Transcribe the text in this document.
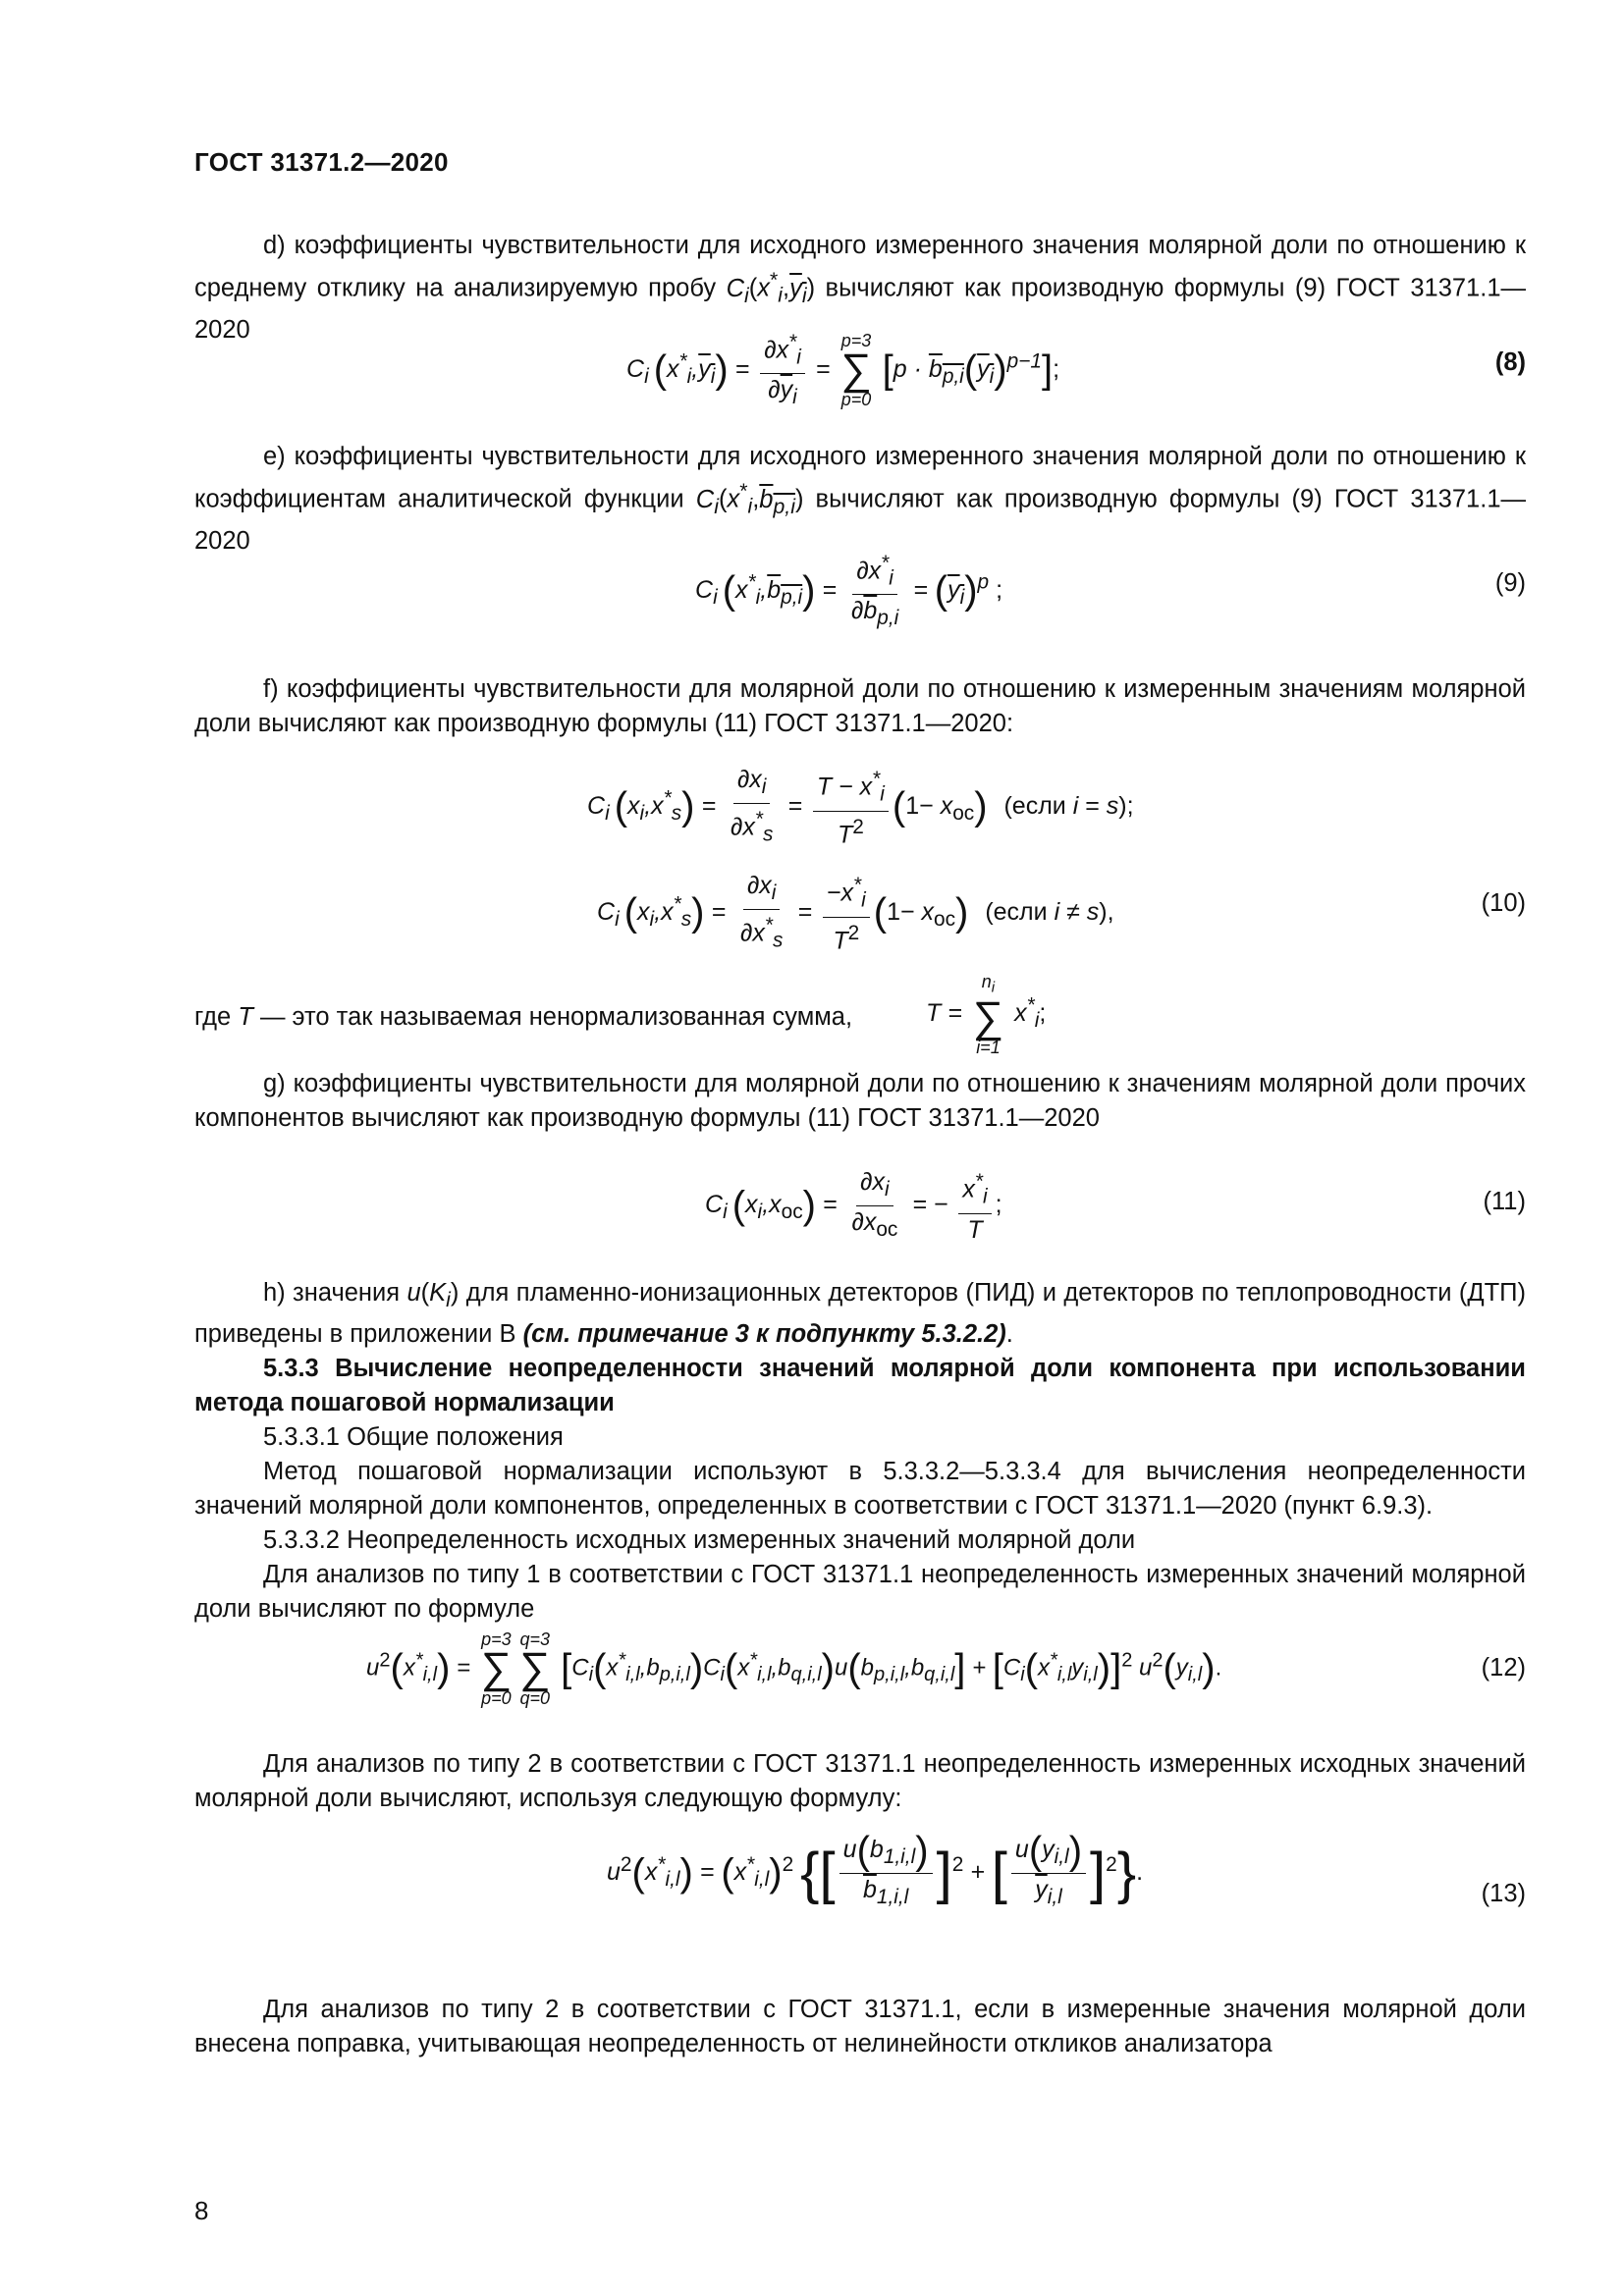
ГОСТ 31371.2—2020

d) коэффициенты чувствительности для исходного измеренного значения молярной доли по отношению к среднему отклику на анализируемую пробу $C_i(x^*_i,y_i)$ вычисляют как производную формулы (9) ГОСТ 31371.1—2020

$C_i$  $(x^*_i,y_i) = \frac{\partial x^*_i}{\partial\overline{y}_i}$ =
p=3
∑
p=0
$[p \cdot b_{p,i}(y_i)^{p-1}]$;	(8)

е) коэффициенты чувствительности для исходного измеренного значения молярной доли по отношению к коэффициентам аналитической функции $C_i(x^*_i,b_{p,i})$ вычисляют как производную формулы (9) ГОСТ 31371.1—2020

$C_i$  $(x^*_i,b_{p,i}) = \frac{\partial x^*_i}{\partial\overline{b}_{p,i}} = (y_i)^p$ ;	(9)

f) коэффициенты чувствительности для молярной доли по отношению к измеренным значениям молярной доли вычисляют как производную формулы (11) ГОСТ 31371.1—2020:

$C_i$  $(x_i,x^*_s) = \frac{\partial x_i}{\partial x^*_s} = \frac{T - x^*_i}{T^2} (1- x_{ос})$ (если i = s);
$C_i$  $(x_i,x^*_s) = \frac{\partial x_i}{\partial x^*_s} = \frac{-x^*_i}{T^2} (1- x_{ос})$ (если i ≠ s),	(10)
где T — это так называемая ненормализованная сумма,	T =
$n_i$
∑
i=1
$x^*_i$;

g) коэффициенты чувствительности для молярной доли по отношению к значениям молярной доли прочих компонентов вычисляют как производную формулы (11) ГОСТ 31371.1—2020

$C_i$  $(x_i,x_{ос}) = \frac{\partial x_i}{\partial x_{ос}}$ = − $\frac{x^*_i}{T}$ ;	(11)

h) значения $u(K_i)$ для пламенно-ионизационных детекторов (ПИД) и детекторов по теплопроводности (ДТП) приведены в приложении В (см. примечание 3 к подпункту 5.3.2.2).

5.3.3 Вычисление неопределенности значений молярной доли компонента при использовании метода пошаговой нормализации

5.3.3.1 Общие положения

Метод пошаговой нормализации используют в 5.3.3.2—5.3.3.4 для вычисления неопределенности значений молярной доли компонентов, определенных в соответствии с ГОСТ 31371.1—2020 (пункт 6.9.3).

5.3.3.2 Неопределенность исходных измеренных значений молярной доли

Для анализов по типу 1 в соответствии с ГОСТ 31371.1 неопределенность измеренных значений молярной доли вычисляют по формуле

$u^2(x^*_{i,l})$ =
p=3
∑
p=0
q=3
∑
q=0
[$C_i(x^*_{i,l},b_{p,i,l})C_i(x^*_{i,l},b_{q,i,l})u(b_{p,i,l},b_{q,i,l}] + [C_i(x^*_{i,l}y_{i,l})]^2$ $u^2(y_{i,l})$.	(12)

Для анализов по типу 2 в соответствии с ГОСТ 31371.1 неопределенность измеренных исходных значений молярной доли вычисляют, используя следующую формулу:

$u^2(x^*_{i,l}) = (x^*_{i,l})^2$ {[ $\frac{u(b_{1,i,l})}{\overline{b}_{1,i,l}} ]^2$ + [ $\frac{u(y_{i,l})}{\overline{y}_{i,l}} ]^2$}.
(13)

Для анализов по типу 2 в соответствии с ГОСТ 31371.1, если в измеренные значения молярной доли внесена поправка, учитывающая неопределенность от нелинейности откликов анализатора

8
